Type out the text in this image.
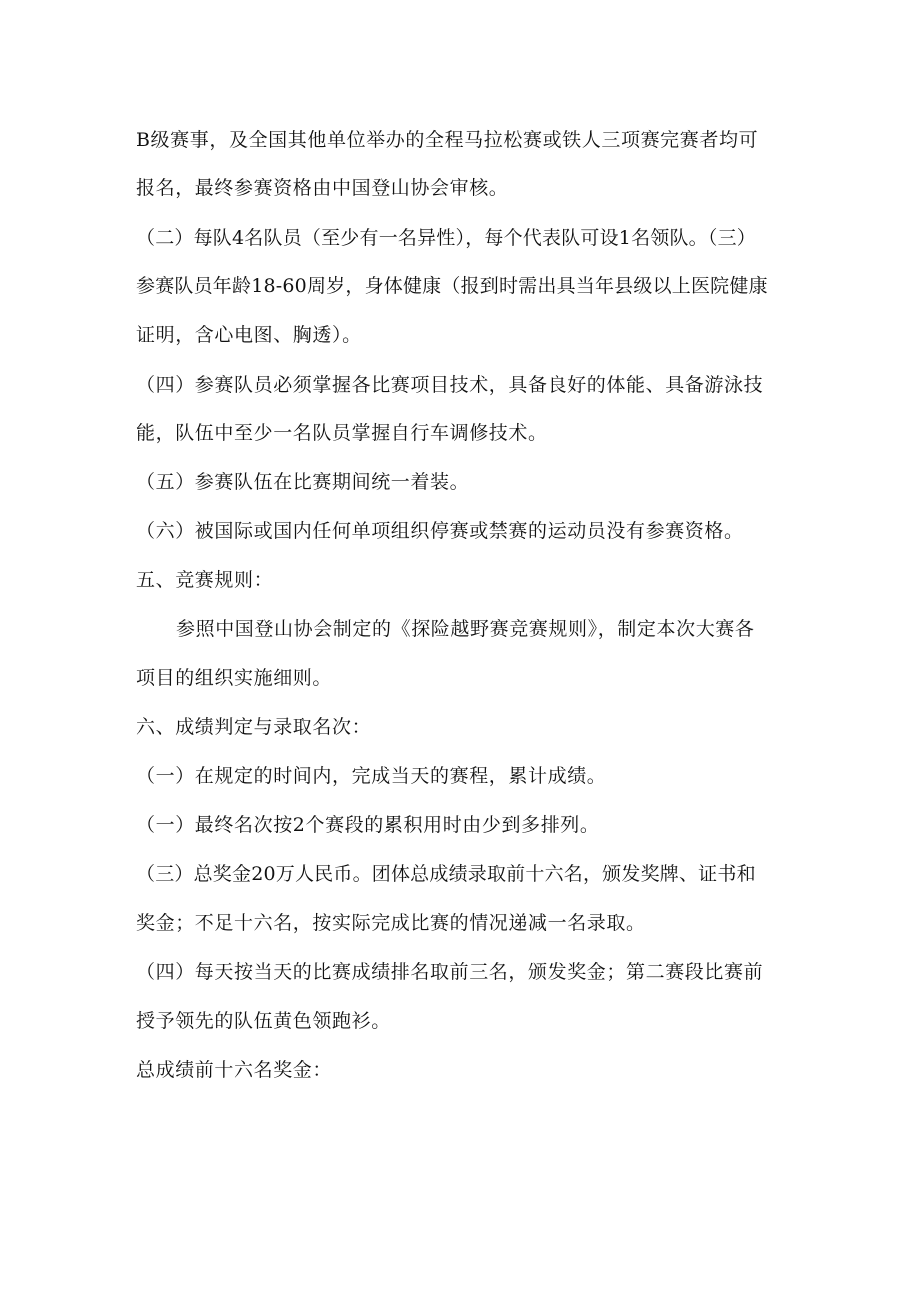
B级赛事，及全国其他单位举办的全程马拉松赛或铁人三项赛完赛者均可
报名，最终参赛资格由中国登山协会审核。
（二）每队4名队员（至少有一名异性），每个代表队可设1名领队。（三）
参赛队员年龄18-60周岁，身体健康（报到时需出具当年县级以上医院健康
证明，含心电图、胸透）。
（四）参赛队员必须掌握各比赛项目技术，具备良好的体能、具备游泳技
能，队伍中至少一名队员掌握自行车调修技术。
（五）参赛队伍在比赛期间统一着装。
（六）被国际或国内任何单项组织停赛或禁赛的运动员没有参赛资格。
五、竞赛规则：
参照中国登山协会制定的《探险越野赛竞赛规则》，制定本次大赛各
项目的组织实施细则。
六、成绩判定与录取名次：
（一）在规定的时间内，完成当天的赛程，累计成绩。
（一）最终名次按2个赛段的累积用时由少到多排列。
（三）总奖金20万人民币。团体总成绩录取前十六名，颁发奖牌、证书和
奖金；不足十六名，按实际完成比赛的情况递减一名录取。
（四）每天按当天的比赛成绩排名取前三名，颁发奖金；第二赛段比赛前
授予领先的队伍黄色领跑衫。
总成绩前十六名奖金：
